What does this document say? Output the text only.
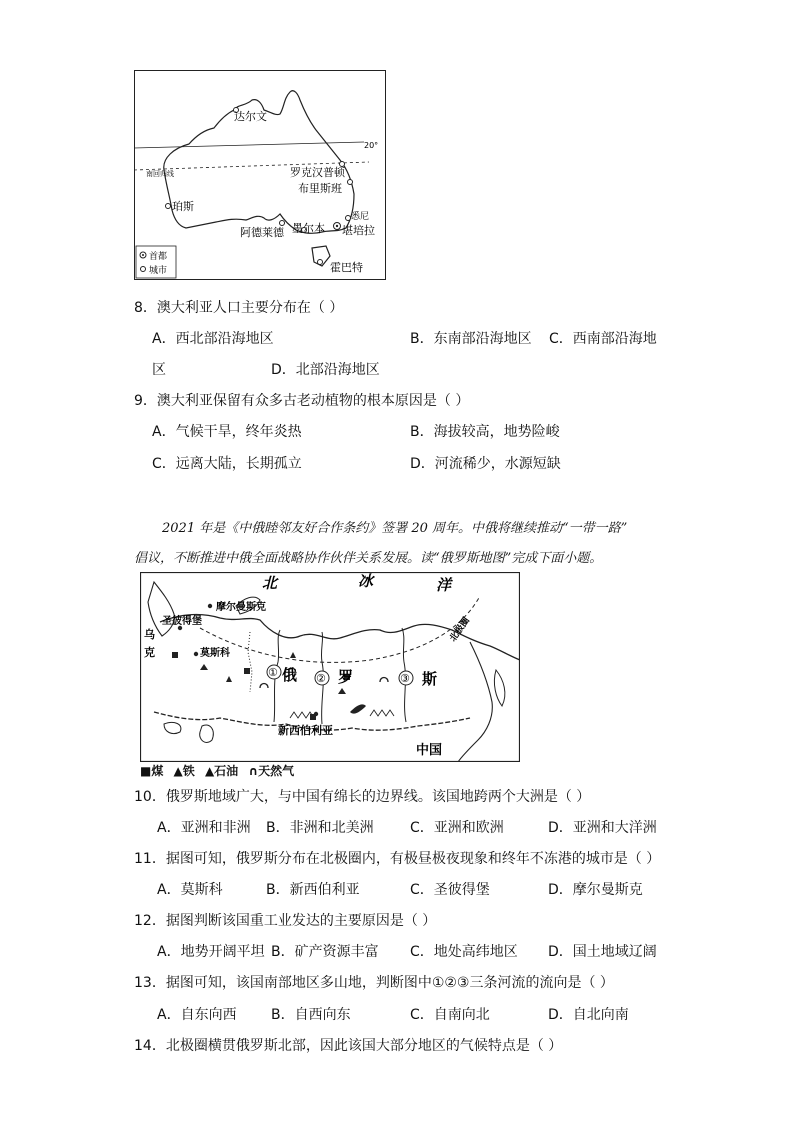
达尔文
20°
南回归线	罗克汉普顿
布里斯班
珀斯
悉尼
堪培拉
阿德莱德 墨尔本
霍巴特
首都
城市
8．澳大利亚人口主要分布在（ ）
A．西北部沿海地区	B．东南部沿海地区 C．西南部沿海地
区	D．北部沿海地区
9．澳大利亚保留有众多古老动植物的根本原因是（ ）
A．气候干旱，终年炎热	B．海拔较高，地势险峻
C．远离大陆，长期孤立	D．河流稀少，水源短缺
2021 年是《中俄睦邻友好合作条约》签署 20 周年。中俄将继续推动“一带一路”
倡议，不断推进中俄全面战略协作伙伴关系发展。读“俄罗斯地图”完成下面小题。
北	冰	洋
摩尔曼斯克
圣彼得堡
莫斯科
北极圈
乌
克
① 俄 ② 罗	③ 斯
新西伯利亚
中国
■煤 ▲铁 ▲石油 ∩天然气
10．俄罗斯地域广大，与中国有绵长的边界线。该国地跨两个大洲是（ ）
A．亚洲和非洲 B．非洲和北美洲	C．亚洲和欧洲	D．亚洲和大洋洲
11．据图可知，俄罗斯分布在北极圈内，有极昼极夜现象和终年不冻港的城市是（ ）
A．莫斯科	B．新西伯利亚	C．圣彼得堡	D．摩尔曼斯克
12．据图判断该国重工业发达的主要原因是（ ）
A．地势开阔平坦 B．矿产资源丰富 C．地处高纬地区 D．国土地域辽阔
13．据图可知，该国南部地区多山地，判断图中①②③三条河流的流向是（ ）
A．自东向西 B．自西向东	C．自南向北	D．自北向南
14．北极圈横贯俄罗斯北部，因此该国大部分地区的气候特点是（ ）
